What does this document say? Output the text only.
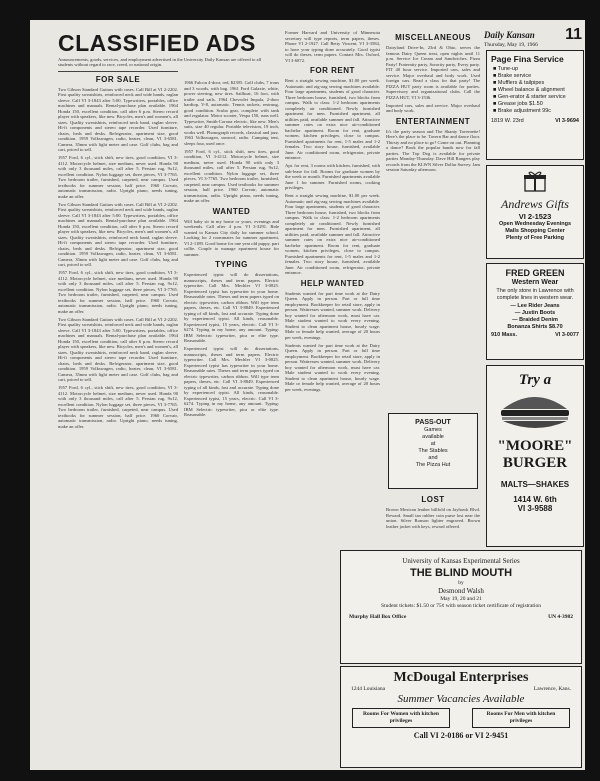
CLASSIFIED ADS
Announcements, goods, services, and employment advertised in the University Daily Kansan are offered to all students without regard to race, creed, or national origin.
FOR SALE

Two Gibson Standard Guitars with cases. Call Bill at VI 2-2202. First quality sweatshirts, reinforced neck and wide bands, raglan sleeve. Call VI 3-1843 after 5:00. Typewriters, portables, office machines and manuals. Rental-purchase plan available. 1964 Honda 150, excellent condition, call after 6 p.m. Stereo record player with speakers, like new. Bicycles, men's and women's, all sizes. Quality sweatshirts, reinforced neck band, raglan sleeve. Hi-fi components and stereo tape recorder. Used furniture, chairs, beds and desks. Refrigerator, apartment size, good condition. 1959 Volkswagen, radio, heater, clean, VI 3-6581. Camera, 35mm with light meter and case. Golf clubs, bag and cart, priced to sell.

1957 Ford, 6 cyl., stick shift, new tires, good condition, VI 3-4112. Motorcycle helmet, size medium, never used. Honda 90 with only 3 thousand miles, call after 5. Persian rug, 9x12, excellent condition. Nylon luggage set, three pieces, VI 3-7765. Two bedroom trailer, furnished, carpeted, near campus. Used textbooks for summer session, half price. 1960 Corvair, automatic transmission, radio. Upright piano, needs tuning, make an offer.

Two Gibson Standard Guitars with cases. Call Bill at VI 2-2202. First quality sweatshirts, reinforced neck and wide bands, raglan sleeve. Call VI 3-1843 after 5:00. Typewriters, portables, office machines and manuals. Rental-purchase plan available. 1964 Honda 150, excellent condition, call after 6 p.m. Stereo record player with speakers, like new. Bicycles, men's and women's, all sizes. Quality sweatshirts, reinforced neck band, raglan sleeve. Hi-fi components and stereo tape recorder. Used furniture, chairs, beds and desks. Refrigerator, apartment size, good condition. 1959 Volkswagen, radio, heater, clean, VI 3-6581. Camera, 35mm with light meter and case. Golf clubs, bag and cart, priced to sell.

1957 Ford, 6 cyl., stick shift, new tires, good condition, VI 3-4112. Motorcycle helmet, size medium, never used. Honda 90 with only 3 thousand miles, call after 5. Persian rug, 9x12, excellent condition. Nylon luggage set, three pieces, VI 3-7765. Two bedroom trailer, furnished, carpeted, near campus. Used textbooks for summer session, half price. 1960 Corvair, automatic transmission, radio. Upright piano, needs tuning, make an offer.

Two Gibson Standard Guitars with cases. Call Bill at VI 2-2202. First quality sweatshirts, reinforced neck and wide bands, raglan sleeve. Call VI 3-1843 after 5:00. Typewriters, portables, office machines and manuals. Rental-purchase plan available. 1964 Honda 150, excellent condition, call after 6 p.m. Stereo record player with speakers, like new. Bicycles, men's and women's, all sizes. Quality sweatshirts, reinforced neck band, raglan sleeve. Hi-fi components and stereo tape recorder. Used furniture, chairs, beds and desks. Refrigerator, apartment size, good condition. 1959 Volkswagen, radio, heater, clean, VI 3-6581. Camera, 35mm with light meter and case. Golf clubs, bag and cart, priced to sell.

1957 Ford, 6 cyl., stick shift, new tires, good condition, VI 3-4112. Motorcycle helmet, size medium, never used. Honda 90 with only 3 thousand miles, call after 5. Persian rug, 9x12, excellent condition. Nylon luggage set, three pieces, VI 3-7765. Two bedroom trailer, furnished, carpeted, near campus. Used textbooks for summer session, half price. 1960 Corvair, automatic transmission, radio. Upright piano, needs tuning, make an offer.

1966 Falcon 4-door, red, $2395. Golf clubs, 7 irons and 3 woods, with bag. 1961 Ford Galaxie, white, power steering, new tires. Sailboat, 16 foot, with trailer and sails. 1964 Chevrolet Impala, 2-door hardtop, V-8, automatic. Tennis rackets, restrung, good condition. Scuba gear, complete with tank and regulator. Motor scooter, Vespa 150, runs well. Typewriter, Smith-Corona electric, like new. Men's suits, size 40 regular. Portable television, 19 inch, works well. Phonograph records, classical and jazz. 1963 Volkswagen, sunroof, radio. Camping tent, sleeps four, used once.

1957 Ford, 6 cyl., stick shift, new tires, good condition, VI 3-4112. Motorcycle helmet, size medium, never used. Honda 90 with only 3 thousand miles, call after 5. Persian rug, 9x12, excellent condition. Nylon luggage set, three pieces, VI 3-7765. Two bedroom trailer, furnished, carpeted, near campus. Used textbooks for summer session, half price. 1960 Corvair, automatic transmission, radio. Upright piano, needs tuning, make an offer.

WANTED

Will baby sit in my home or yours, evenings and weekends. Call after 4 p.m. VI 3-3291. Ride wanted to Kansas City daily for summer school. Looking for 2 roommates for summer apartment, VI 2-1189. Good home for one year old puppy, part collie. Couple to manage apartment house for summer.

TYPING

Experienced typist will do dissertations, manuscripts, theses and term papers. Electric typewriter. Call Mrs. Mechler VI 3-0825. Experienced typist has typewriter in your home. Reasonable rates. Theses and term papers typed on electric typewriter, carbon ribbon. Will type term papers, theses, etc. Call VI 3-8849. Experienced typing of all kinds, fast and accurate. Typing done by experienced typist. All kinds, reasonable. Experienced typist, 15 years, electric. Call VI 3-6274. Typing in my home, any amount. Typing: IBM Selectric typewriter, pica or elite type. Reasonable.

Experienced typist will do dissertations, manuscripts, theses and term papers. Electric typewriter. Call Mrs. Mechler VI 3-0825. Experienced typist has typewriter in your home. Reasonable rates. Theses and term papers typed on electric typewriter, carbon ribbon. Will type term papers, theses, etc. Call VI 3-8849. Experienced typing of all kinds, fast and accurate. Typing done by experienced typist. All kinds, reasonable. Experienced typist, 15 years, electric. Call VI 3-6274. Typing in my home, any amount. Typing: IBM Selectric typewriter, pica or elite type. Reasonable.

Former Harvard and University of Minnesota secretary will type reports, term papers, theses. Phone VI 2-1927. Call Betty Vincent, VI 3-3584, to have your typing done accurately. Good typist will do theses, term papers. Contact Mrs. Oxford, VI 3-6872.

FOR RENT

Rent a straight sewing machine, $1.00 per week. Automatic and zig-zag sewing machines available. Four large apartments, students of good character. Three bedroom house, furnished, two blocks from campus. Walk to class: 1-2 bedroom apartments completely air conditioned. Newly furnished apartment for men. Furnished apartment, all utilities paid, available summer and fall. Attractive summer rates on extra nice air-conditioned bachelor apartment. Room for rent, graduate women, kitchen privileges, close to campus. Furnished apartments for rent, 1-5 males and 1-2 females. Two story house, furnished, available June. Air conditioned room, refrigerator, private entrance.

Apt. for rent, 3 rooms with kitchen, furnished, with sub-lease for fall. Rooms for graduate women by the week or month. Furnished apartments available June 1 for summer. Furnished rooms, cooking privileges.

Rent a straight sewing machine, $1.00 per week. Automatic and zig-zag sewing machines available. Four large apartments, students of good character. Three bedroom house, furnished, two blocks from campus. Walk to class: 1-2 bedroom apartments completely air conditioned. Newly furnished apartment for men. Furnished apartment, all utilities paid, available summer and fall. Attractive summer rates on extra nice air-conditioned bachelor apartment. Room for rent, graduate women, kitchen privileges, close to campus. Furnished apartments for rent, 1-5 males and 1-2 females. Two story house, furnished, available June. Air conditioned room, refrigerator, private entrance.

HELP WANTED

Students wanted for part time work at the Dairy Queen. Apply in person. Part or full time employment. Bookkeeper for retail store, apply in person. Waitresses wanted, summer work. Delivery boy wanted for afternoon work, must have car. Male student wanted to work every evening. Student to clean apartment house, hourly wage. Male or female help wanted, average of 20 hours per week, evenings.

Students wanted for part time work at the Dairy Queen. Apply in person. Part or full time employment. Bookkeeper for retail store, apply in person. Waitresses wanted, summer work. Delivery boy wanted for afternoon work, must have car. Male student wanted to work every evening. Student to clean apartment house, hourly wage. Male or female help wanted, average of 20 hours per week, evenings.

MISCELLANEOUS

Dairyland Drive-In, 23rd & Ohio, serves the famous Dairy Queen treat, open nights until 11 p.m. Service Ice Cream and Sandwiches. Pizza Party! Fraternity party, Sorority party, Every party. FIT 40 hour service. Imported cars, sales and service. Major overhaul and body work. Used foreign cars. Read a class for that party! The PIZZA HUT party room is available for parties. Supervisory and organizational clubs. Call the PIZZA HUT, VI 3-1536.

Imported cars, sales and service. Major overhaul and body work.

ENTERTAINMENT

It's the party season and The Shanty Tavernette! Here's the place to be. Tavern Bar and dance floor. Thirsty and no place to go? Come on out. Planning a dance? Book the popular bands now for fall parties. The Top Dog is available for private parties Monday-Thursday. Dave Hill Rangers play records from the KLWN Silver Dollar Survey. Jam session Saturday afternoon.

PASS-OUT
Games
available
at
The Stables
and
The Pizza Hut
LOST

Brown Mexican leather billfold on Jayhawk Blvd. Reward. Small tan rubber coin purse lost near the union. Silver Ronson lighter engraved. Brown leather jacket with keys, reward offered.

University of Kansas Experimental Series
THE BLIND MOUTH
by
Desmond Walsh
May 19, 20 and 21
Student tickets: $1.50 or 75¢ with season ticket certificate of registration
Murphy Hall Box Office	UN 4-3982
McDougal Enterprises
1244 Louisiana	Lawrence, Kans.
Summer Vacancies Available
Rooms For Women with kitchen privileges
Rooms For Men with kitchen privileges
Call VI 2-0186 or VI 2-9451
Daily Kansan
Thursday, May 19, 1966
11
Page Fina Service
■ Tune-up
■ Brake service
■ Mufflers & tailpipes
■ Wheel balance & alignment
■ Gen-erator & starter service
■ Grease jobs $1.50
■ Brake adjustment 99c
1819 W. 23rd	VI 3-9694
Andrews Gifts
VI 2-1523
Open Wednesday Evenings
Malls Shopping Center
Plenty of Free Parking
FRED GREEN
Western Wear
The only store in Lawrence with complete lines in western wear.
— Lee Rider Jeans
— Justin Boots
— Braided Denim
Bonanza Shirts $8.70
910 Mass.	VI 3-0077
Try a
"MOORE"
BURGER
MALTS—SHAKES
1414 W. 6th
VI 3-9588
